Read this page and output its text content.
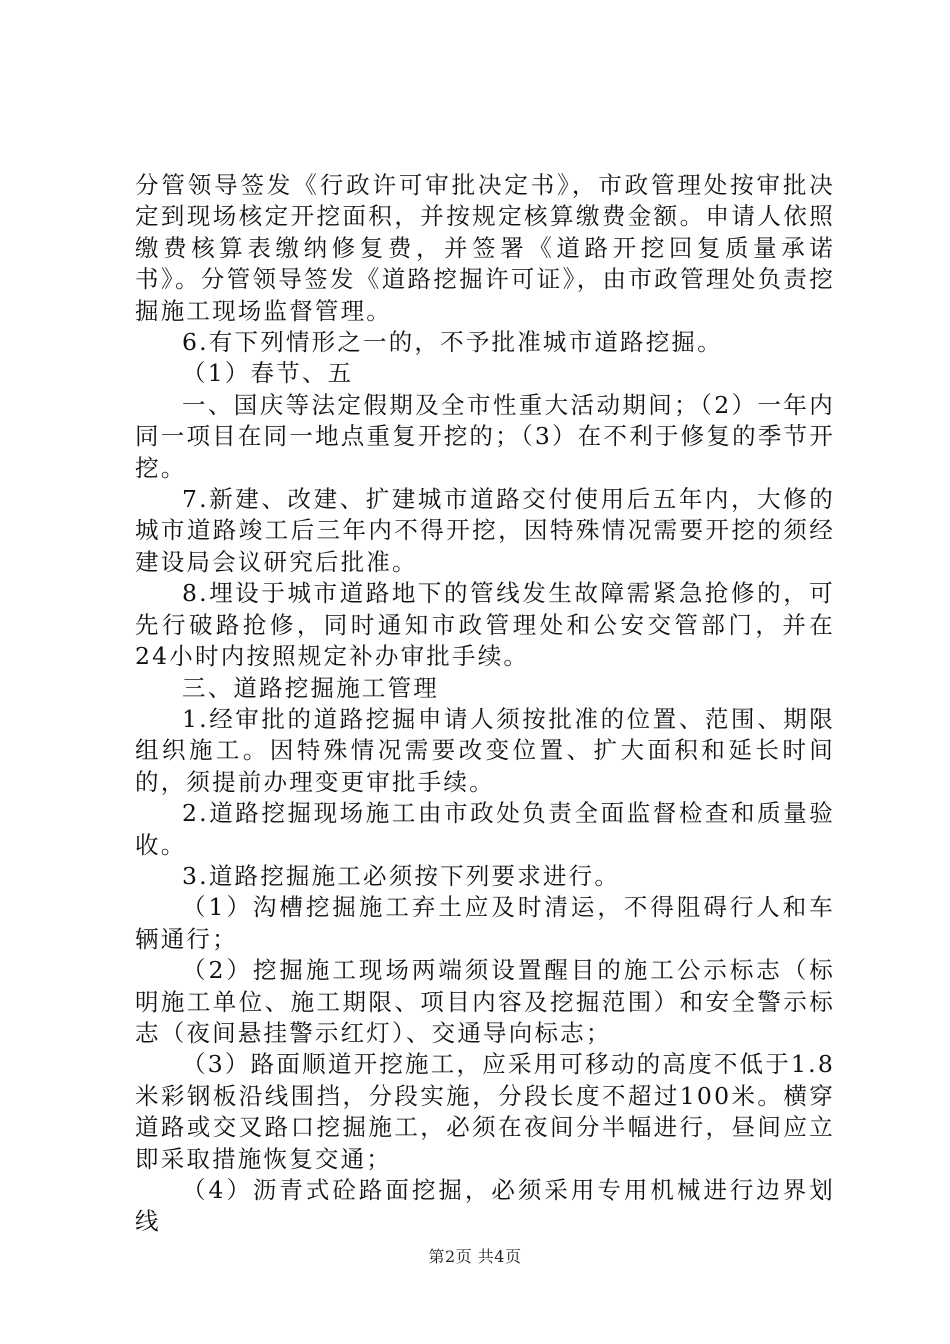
分管领导签发《行政许可审批决定书》，市政管理处按审批决定到现场核定开挖面积，并按规定核算缴费金额。申请人依照缴费核算表缴纳修复费，并签署《道路开挖回复质量承诺书》。分管领导签发《道路挖掘许可证》，由市政管理处负责挖掘施工现场监督管理。

6.有下列情形之一的，不予批准城市道路挖掘。

（1）春节、五

一、国庆等法定假期及全市性重大活动期间；（2）一年内同一项目在同一地点重复开挖的；（3）在不利于修复的季节开挖。

7.新建、改建、扩建城市道路交付使用后五年内，大修的城市道路竣工后三年内不得开挖，因特殊情况需要开挖的须经建设局会议研究后批准。

8.埋设于城市道路地下的管线发生故障需紧急抢修的，可先行破路抢修，同时通知市政管理处和公安交管部门，并在24小时内按照规定补办审批手续。

三、道路挖掘施工管理

1.经审批的道路挖掘申请人须按批准的位置、范围、期限组织施工。因特殊情况需要改变位置、扩大面积和延长时间的，须提前办理变更审批手续。

2.道路挖掘现场施工由市政处负责全面监督检查和质量验收。

3.道路挖掘施工必须按下列要求进行。

（1）沟槽挖掘施工弃土应及时清运，不得阻碍行人和车辆通行；

（2）挖掘施工现场两端须设置醒目的施工公示标志（标明施工单位、施工期限、项目内容及挖掘范围）和安全警示标志（夜间悬挂警示红灯）、交通导向标志；

（3）路面顺道开挖施工，应采用可移动的高度不低于1.8米彩钢板沿线围挡，分段实施，分段长度不超过100米。横穿道路或交叉路口挖掘施工，必须在夜间分半幅进行，昼间应立即采取措施恢复交通；

（4）沥青式砼路面挖掘，必须采用专用机械进行边界划线

第2页 共4页
